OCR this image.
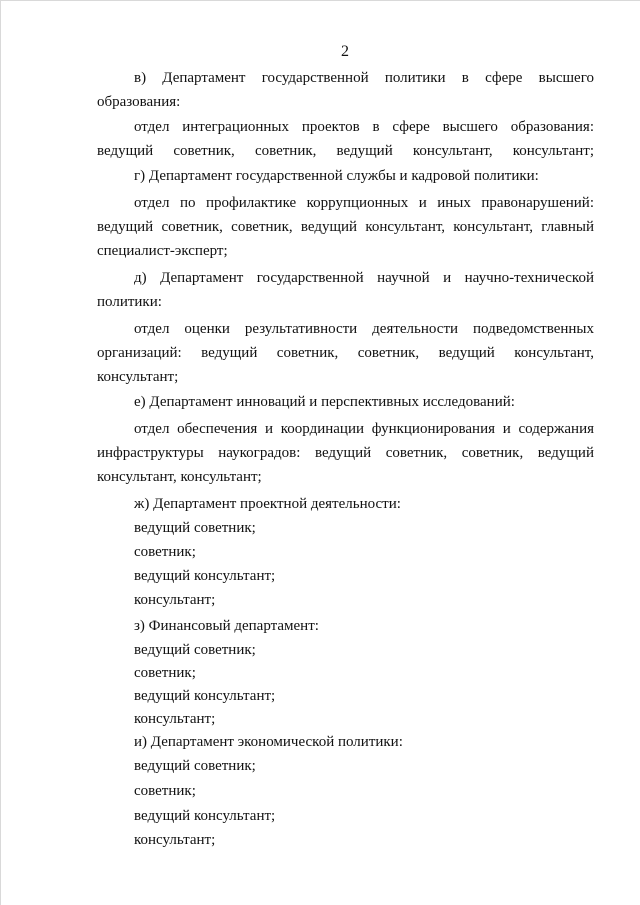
2
в) Департамент государственной политики в сфере высшего
образования:
отдел интеграционных проектов в сфере высшего образования:
ведущий советник, советник, ведущий консультант, консультант;
г) Департамент государственной службы и кадровой политики:
отдел по профилактике коррупционных и иных правонарушений:
ведущий советник, советник, ведущий консультант, консультант, главный
специалист-эксперт;
д) Департамент государственной научной и научно-технической
политики:
отдел оценки результативности деятельности подведомственных
организаций: ведущий советник, советник, ведущий консультант,
консультант;
е) Департамент инноваций и перспективных исследований:
отдел обеспечения и координации функционирования и содержания
инфраструктуры наукоградов: ведущий советник, советник, ведущий
консультант, консультант;
ж) Департамент проектной деятельности:
ведущий советник;
советник;
ведущий консультант;
консультант;
з) Финансовый департамент:
ведущий советник;
советник;
ведущий консультант;
консультант;
и) Департамент экономической политики:
ведущий советник;
советник;
ведущий консультант;
консультант;
